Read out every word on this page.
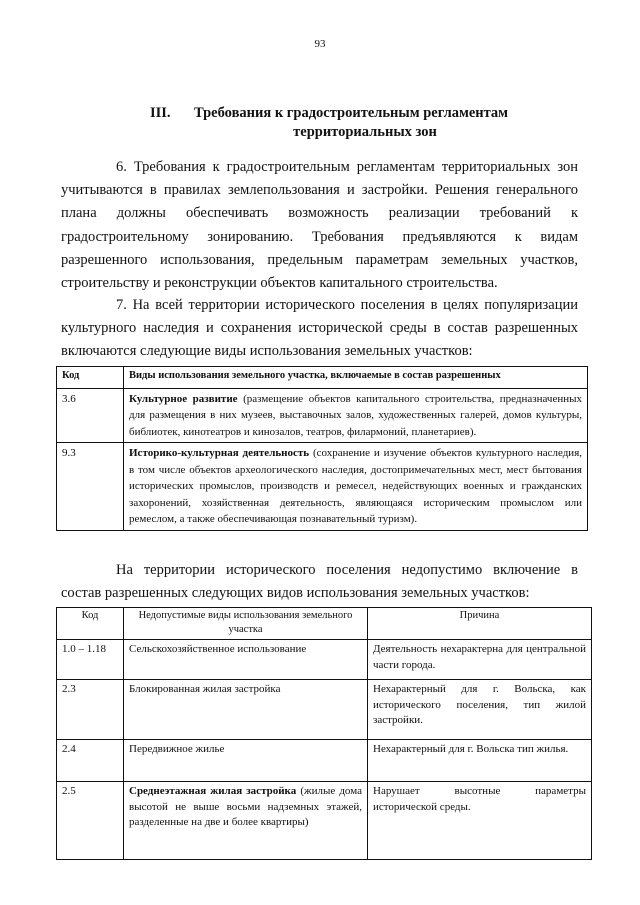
93
III. Требования к градостроительным регламентам
территориальных зон

6. Требования к градостроительным регламентам территориальных зон учитываются в правилах землепользования и застройки. Решения генерального плана должны обеспечивать возможность реализации требований к градостроительному зонированию. Требования предъявляются к видам разрешенного использования, предельным параметрам земельных участков, строительству и реконструкции объектов капитального строительства.

7. На всей территории исторического поселения в целях популяризации культурного наследия и сохранения исторической среды в состав разрешенных включаются следующие виды использования земельных участков:

Код	Виды использования земельного участка, включаемые в состав разрешенных
3.6	Культурное развитие (размещение объектов капитального строительства, предназначенных для размещения в них музеев, выставочных залов, художественных галерей, домов культуры, библиотек, кинотеатров и кинозалов, театров, филармоний, планетариев).
9.3	Историко-культурная деятельность (сохранение и изучение объектов культурного наследия, в том числе объектов археологического наследия, достопримечательных мест, мест бытования исторических промыслов, производств и ремесел, недействующих военных и гражданских захоронений, хозяйственная деятельность, являющаяся историческим промыслом или ремеслом, а также обеспечивающая познавательный туризм).

На территории исторического поселения недопустимо включение в состав разрешенных следующих видов использования земельных участков:

Код	Недопустимые виды использования земельного участка	Причина
1.0 – 1.18	Сельскохозяйственное использование	Деятельность нехарактерна для центральной части города.
2.3	Блокированная жилая застройка	Нехарактерный для г. Вольска, как исторического поселения, тип жилой застройки.
2.4	Передвижное жилье	Нехарактерный для г. Вольска тип жилья.
2.5	Среднеэтажная жилая застройка (жилые дома высотой не выше восьми надземных этажей, разделенные на две и более квартиры)	Нарушает высотные параметры исторической среды.
